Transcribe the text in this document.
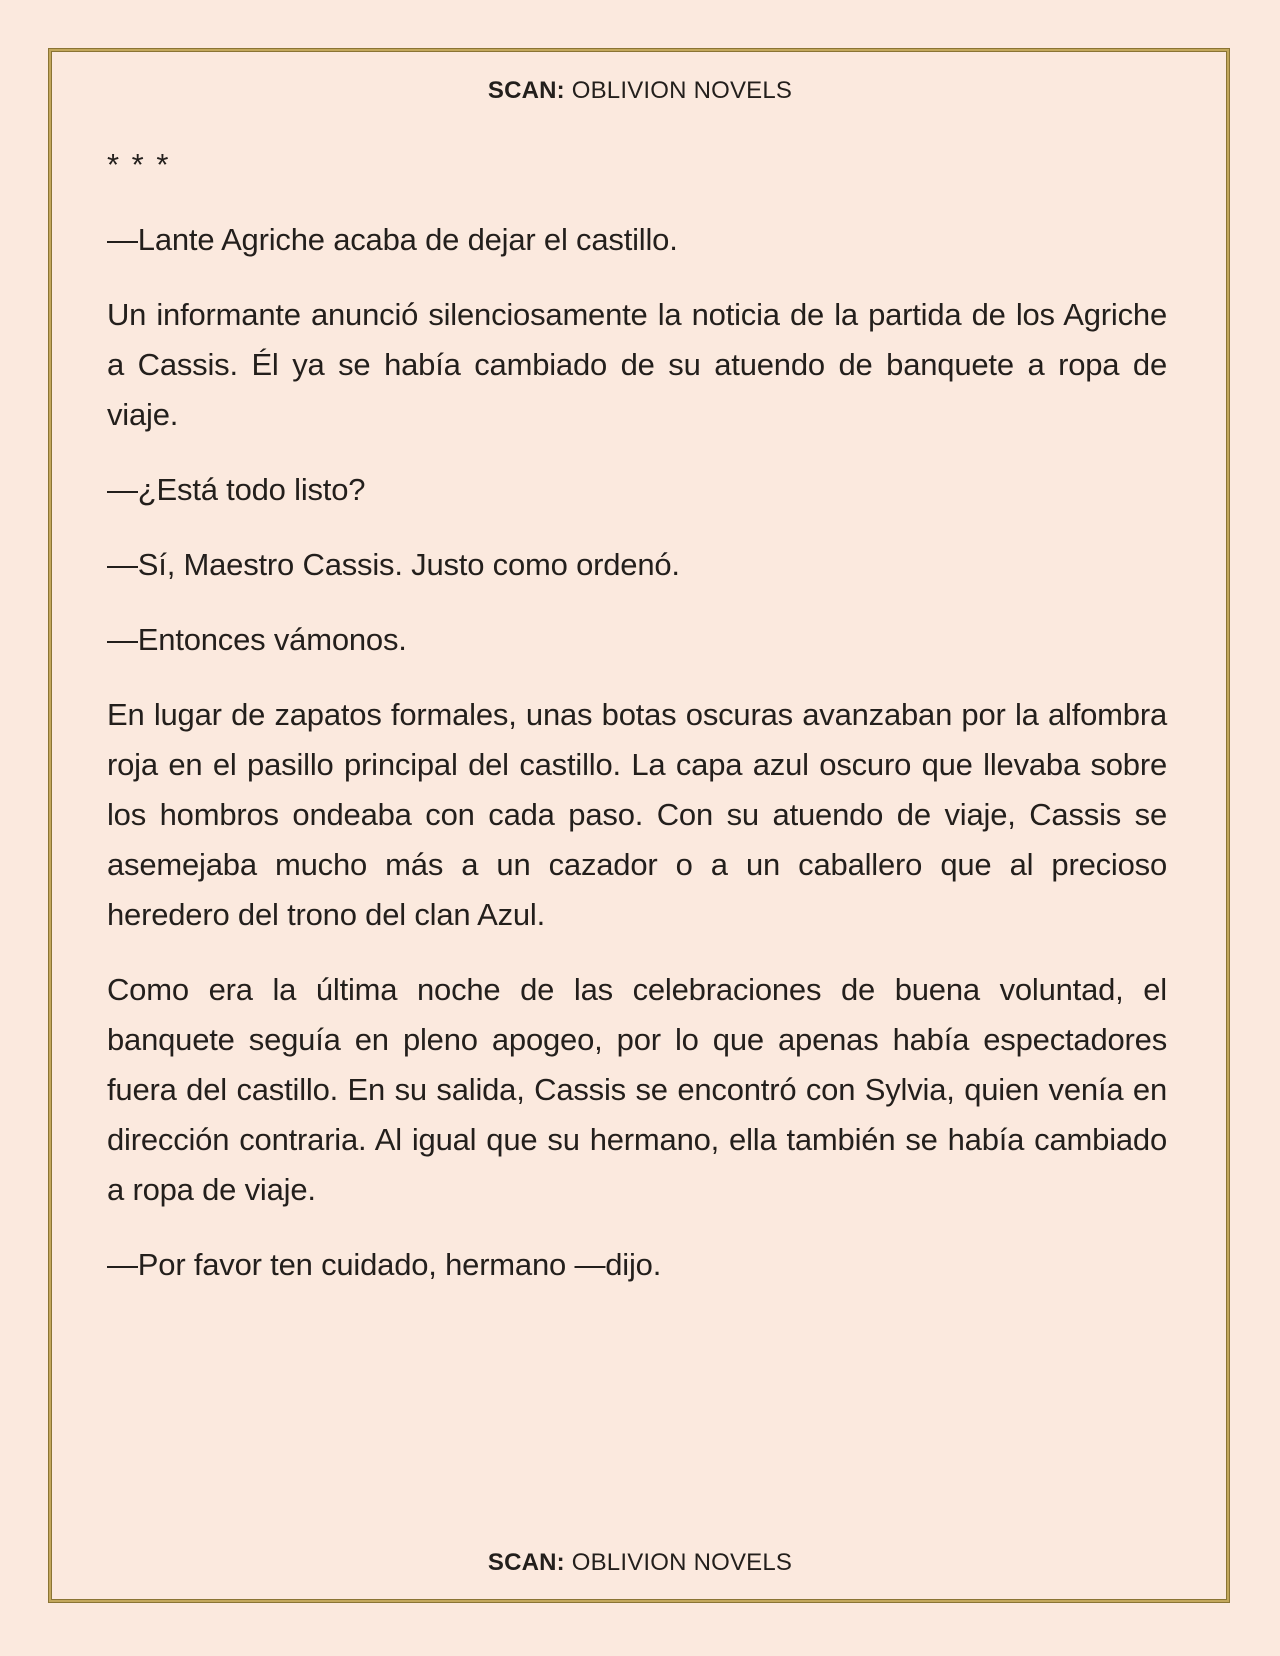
SCAN: OBLIVION NOVELS

* * *

—Lante Agriche acaba de dejar el castillo.

Un informante anunció silenciosamente la noticia de la partida de los Agriche a Cassis. Él ya se había cambiado de su atuendo de banquete a ropa de viaje.

—¿Está todo listo?

—Sí, Maestro Cassis. Justo como ordenó.

—Entonces vámonos.

En lugar de zapatos formales, unas botas oscuras avanzaban por la alfombra roja en el pasillo principal del castillo. La capa azul oscuro que llevaba sobre los hombros ondeaba con cada paso. Con su atuendo de viaje, Cassis se asemejaba mucho más a un cazador o a un caballero que al precioso heredero del trono del clan Azul.

Como era la última noche de las celebraciones de buena voluntad, el banquete seguía en pleno apogeo, por lo que apenas había espectadores fuera del castillo. En su salida, Cassis se encontró con Sylvia, quien venía en dirección contraria. Al igual que su hermano, ella también se había cambiado a ropa de viaje.

—Por favor ten cuidado, hermano —dijo.

SCAN: OBLIVION NOVELS
